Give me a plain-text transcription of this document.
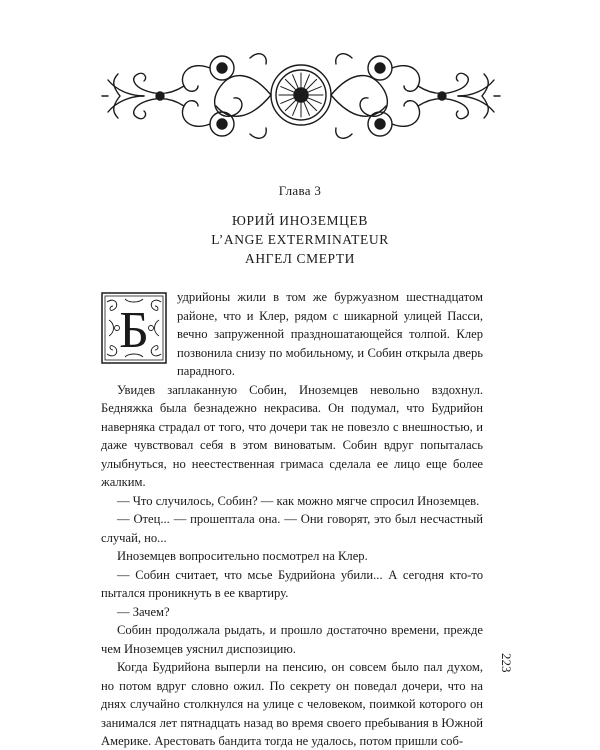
Глава 3
ЮРИЙ ИНОЗЕМЦЕВ
L’ANGE EXTERMINATEUR
АНГЕЛ СМЕРТИ
Б

удрийоны жили в том же буржуазном шестнадцатом районе, что и Клер, рядом с шикарной улицей Пасси, вечно запруженной праздношатающейся толпой. Клер позвонила снизу по мобильному, и Собин открыла дверь парадного.

Увидев заплаканную Собин, Иноземцев невольно вздохнул. Бедняжка была безнадежно некрасива. Он подумал, что Будрийон наверняка страдал от того, что дочери так не повезло с внешностью, и даже чувствовал себя в этом виноватым. Собин вдруг попыталась улыбнуться, но неестественная гримаса сделала ее лицо еще более жалким.

— Что случилось, Собин? — как можно мягче спросил Иноземцев.

— Отец... — прошептала она. — Они говорят, это был несчастный случай, но...

Иноземцев вопросительно посмотрел на Клер.

— Собин считает, что мсье Будрийона убили... А сегодня кто-то пытался проникнуть в ее квартиру.

— Зачем?

Собин продолжала рыдать, и прошло достаточно времени, прежде чем Иноземцев уяснил диспозицию.

Когда Будрийона выперли на пенсию, он совсем было пал духом, но потом вдруг словно ожил. По секрету он поведал дочери, что на днях случайно столкнулся на улице с человеком, поимкой которого он занимался лет пятнадцать назад во время своего пребывания в Южной Америке. Арестовать бандита тогда не удалось, потом пришли соб-

223
